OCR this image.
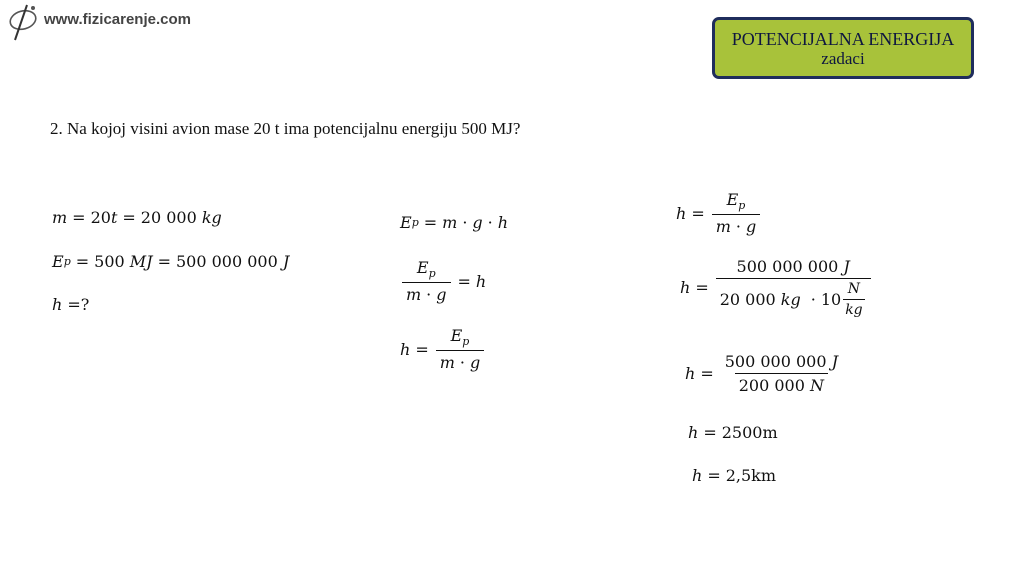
www.fizicarenje.com
POTENCIJALNA ENERGIJA
zadaci
2. Na kojoj visini avion mase 20 t ima potencijalnu energiju 500 MJ?
m = 20 t = 20 000
kg
E p = 500
MJ = 500 000 000
J
h = ?
E p = m · g · h
$\frac{E_p}{m \cdot g} = h$
$h = \frac{E_p}{m \cdot g}$
$h = \frac{E_p}{m \cdot g}$
h = 500 000 000 J
20 000
kg · $10 \frac{N}{kg}$
$h = \frac{500 000 000 J}{200 000 N}$
h = 2500m
h = 2,5km
